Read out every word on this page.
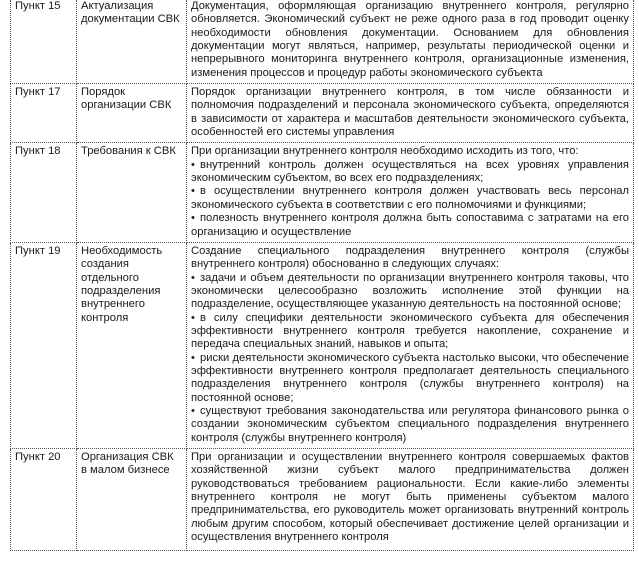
Пункт 15	Актуализация документации СВК	Документация, оформляющая организацию внутреннего контроля, регулярно обновляется. Экономический субъект не реже одного раза в год проводит оценку необходимости обновления документации. Основанием для обновления документации могут являться, например, результаты периодической оценки и непрерывного мониторинга внутреннего контроля, организационные изменения, изменения процессов и процедур работы экономического субъекта

Пункт 17	Порядок организации СВК	Порядок организации внутреннего контроля, в том числе обязанности и полномочия подразделений и персонала экономического субъекта, определяются в зависимости от характера и масштабов деятельности экономического субъекта, особенностей его системы управления

Пункт 18	Требования к СВК	При организации внутреннего контроля необходимо исходить из того, что:
• внутренний контроль должен осуществляться на всех уровнях управления экономическим субъектом, во всех его подразделениях;
• в осуществлении внутреннего контроля должен участвовать весь персонал экономического субъекта в соответствии с его полномочиями и функциями;
• полезность внутреннего контроля должна быть сопоставима с затратами на его организацию и осуществление

Пункт 19	Необходимость создания отдельного подразделения внутреннего контроля	Создание специального подразделения внутреннего контроля (службы внутреннего контроля) обоснованно в следующих случаях:
• задачи и объем деятельности по организации внутреннего контроля таковы, что экономически целесообразно возложить исполнение этой функции на подразделение, осуществляющее указанную деятельность на постоянной основе;
• в силу специфики деятельности экономического субъекта для обеспечения эффективности внутреннего контроля требуется накопление, сохранение и передача специальных знаний, навыков и опыта;
• риски деятельности экономического субъекта настолько высоки, что обеспечение эффективности внутреннего контроля предполагает деятельность специального подразделения внутреннего контроля (службы внутреннего контроля) на постоянной основе;
• существуют требования законодательства или регулятора финансового рынка о создании экономическим субъектом специального подразделения внутреннего контроля (службы внутреннего контроля)

Пункт 20	Организация СВК в малом бизнесе	При организации и осуществлении внутреннего контроля совершаемых фактов хозяйственной жизни субъект малого предпринимательства должен руководствоваться требованием рациональности. Если какие-либо элементы внутреннего контроля не могут быть применены субъектом малого предпринимательства, его руководитель может организовать внутренний контроль любым другим способом, который обеспечивает достижение целей организации и осуществления внутреннего контроля
